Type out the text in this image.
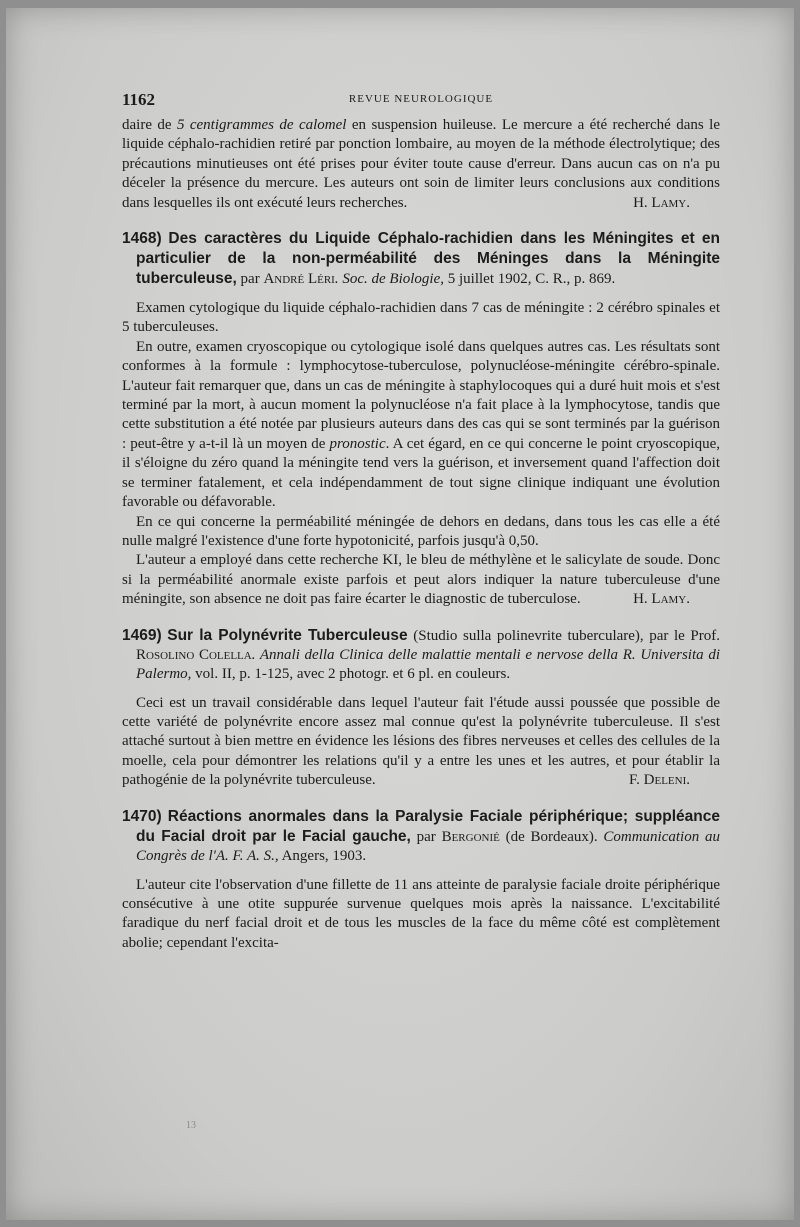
1162	REVUE NEUROLOGIQUE

daire de 5 centigrammes de calomel en suspension huileuse. Le mercure a été recherché dans le liquide céphalo-rachidien retiré par ponction lombaire, au moyen de la méthode électrolytique; des précautions minutieuses ont été prises pour éviter toute cause d'erreur. Dans aucun cas on n'a pu déceler la présence du mercure. Les auteurs ont soin de limiter leurs conclusions aux conditions dans lesquelles ils ont exécuté leurs recherches.	H. Lamy.

1468) Des caractères du Liquide Céphalo-rachidien dans les Méningites et en particulier de la non-perméabilité des Méninges dans la Méningite tuberculeuse, par André Léri. Soc. de Biologie, 5 juillet 1902, C. R., p. 869.

Examen cytologique du liquide céphalo-rachidien dans 7 cas de méningite : 2 cérébro spinales et 5 tuberculeuses.

En outre, examen cryoscopique ou cytologique isolé dans quelques autres cas. Les résultats sont conformes à la formule : lymphocytose-tuberculose, polynucléose-méningite cérébro-spinale. L'auteur fait remarquer que, dans un cas de méningite à staphylocoques qui a duré huit mois et s'est terminé par la mort, à aucun moment la polynucléose n'a fait place à la lymphocytose, tandis que cette substitution a été notée par plusieurs auteurs dans des cas qui se sont terminés par la guérison : peut-être y a-t-il là un moyen de pronostic. A cet égard, en ce qui concerne le point cryoscopique, il s'éloigne du zéro quand la méningite tend vers la guérison, et inversement quand l'affection doit se terminer fatalement, et cela indépendamment de tout signe clinique indiquant une évolution favorable ou défavorable.

En ce qui concerne la perméabilité méningée de dehors en dedans, dans tous les cas elle a été nulle malgré l'existence d'une forte hypotonicité, parfois jusqu'à 0,50.

L'auteur a employé dans cette recherche KI, le bleu de méthylène et le salicylate de soude. Donc si la perméabilité anormale existe parfois et peut alors indiquer la nature tuberculeuse d'une méningite, son absence ne doit pas faire écarter le diagnostic de tuberculose.	H. Lamy.

1469) Sur la Polynévrite Tuberculeuse (Studio sulla polinevrite tuberculare), par le Prof. Rosolino Colella. Annali della Clinica delle malattie mentali e nervose della R. Universita di Palermo, vol. II, p. 1-125, avec 2 photogr. et 6 pl. en couleurs.

Ceci est un travail considérable dans lequel l'auteur fait l'étude aussi poussée que possible de cette variété de polynévrite encore assez mal connue qu'est la polynévrite tuberculeuse. Il s'est attaché surtout à bien mettre en évidence les lésions des fibres nerveuses et celles des cellules de la moelle, cela pour démontrer les relations qu'il y a entre les unes et les autres, et pour établir la pathogénie de la polynévrite tuberculeuse.	F. Deleni.

1470) Réactions anormales dans la Paralysie Faciale périphérique; suppléance du Facial droit par le Facial gauche, par Bergonié (de Bordeaux). Communication au Congrès de l'A. F. A. S., Angers, 1903.

L'auteur cite l'observation d'une fillette de 11 ans atteinte de paralysie faciale droite périphérique consécutive à une otite suppurée survenue quelques mois après la naissance. L'excitabilité faradique du nerf facial droit et de tous les muscles de la face du même côté est complètement abolie; cependant l'excita-

13
